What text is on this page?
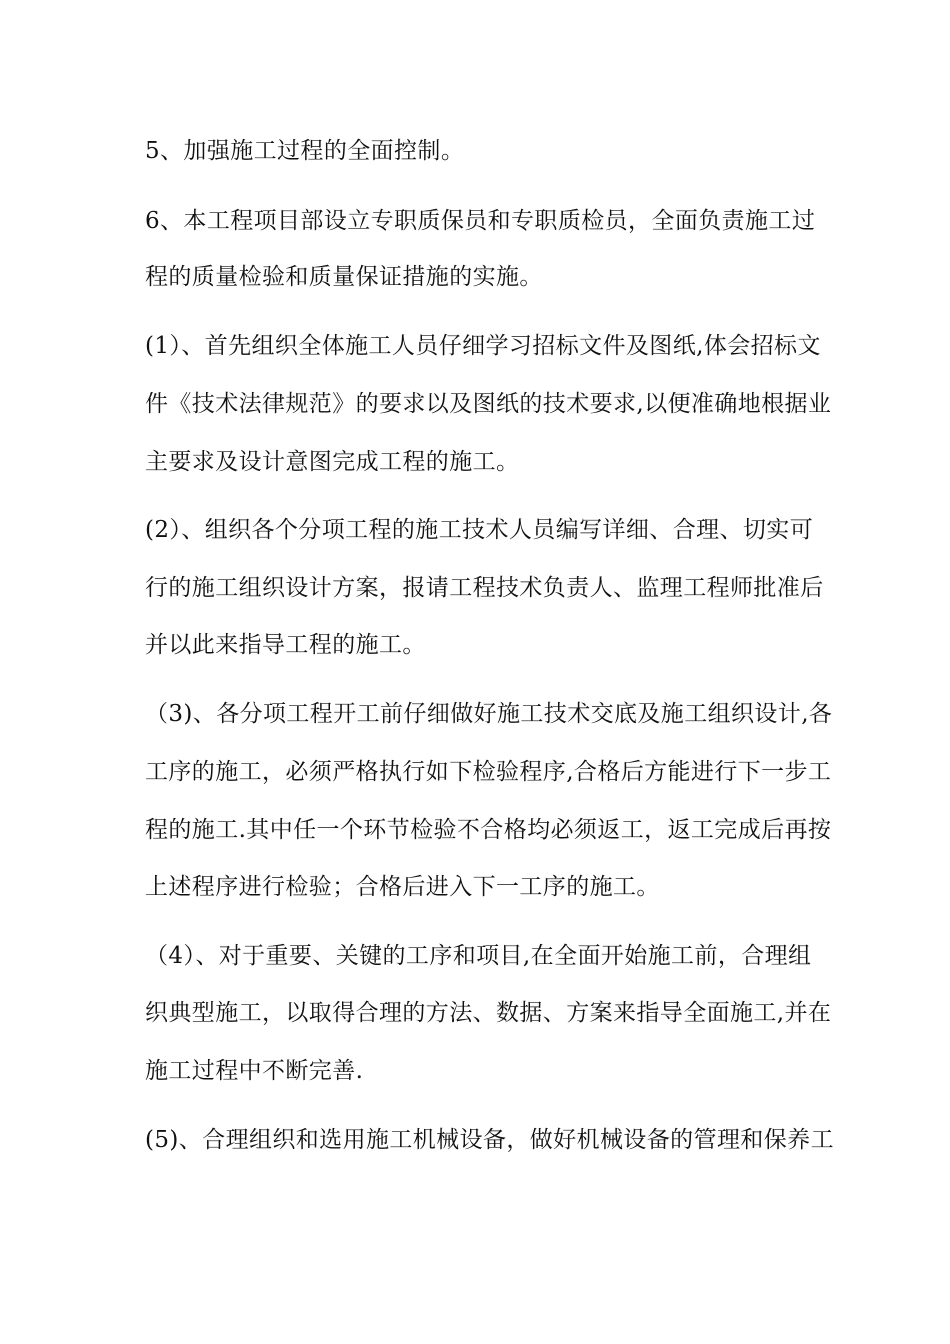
5、加强施工过程的全面控制。
6、本工程项目部设立专职质保员和专职质检员，全面负责施工过
程的质量检验和质量保证措施的实施。
(1）、首先组织全体施工人员仔细学习招标文件及图纸,体会招标文
件《技术法律规范》的要求以及图纸的技术要求,以便准确地根据业
主要求及设计意图完成工程的施工。
(2）、组织各个分项工程的施工技术人员编写详细、合理、切实可
行的施工组织设计方案，报请工程技术负责人、监理工程师批准后
并以此来指导工程的施工。
（3)、各分项工程开工前仔细做好施工技术交底及施工组织设计,各
工序的施工，必须严格执行如下检验程序,合格后方能进行下一步工
程的施工.其中任一个环节检验不合格均必须返工，返工完成后再按
上述程序进行检验；合格后进入下一工序的施工。
（4）、对于重要、关键的工序和项目,在全面开始施工前，合理组
织典型施工，以取得合理的方法、数据、方案来指导全面施工,并在
施工过程中不断完善.
(5)、合理组织和选用施工机械设备，做好机械设备的管理和保养工
